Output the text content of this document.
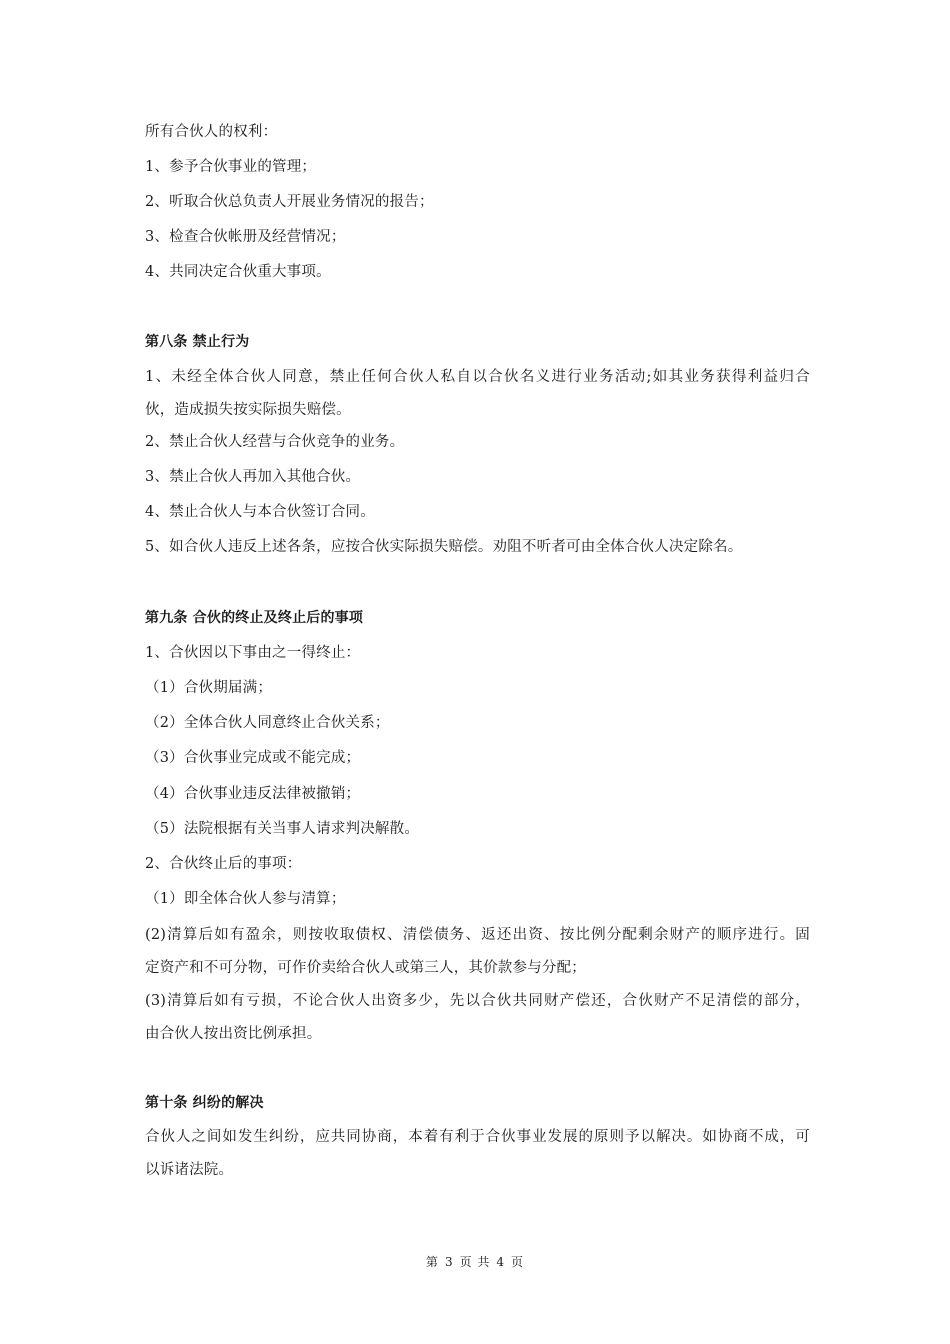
所有合伙人的权利：
1、参予合伙事业的管理；
2、听取合伙总负责人开展业务情况的报告；
3、检查合伙帐册及经营情况；
4、共同决定合伙重大事项。
第八条 禁止行为
1、未经全体合伙人同意，禁止任何合伙人私自以合伙名义进行业务活动;如其业务获得利益归合
伙，造成损失按实际损失赔偿。
2、禁止合伙人经营与合伙竞争的业务。
3、禁止合伙人再加入其他合伙。
4、禁止合伙人与本合伙签订合同。
5、如合伙人违反上述各条，应按合伙实际损失赔偿。劝阻不听者可由全体合伙人决定除名。
第九条 合伙的终止及终止后的事项
1、合伙因以下事由之一得终止：
（1）合伙期届满；
（2）全体合伙人同意终止合伙关系；
（3）合伙事业完成或不能完成；
（4）合伙事业违反法律被撤销；
（5）法院根据有关当事人请求判决解散。
2、合伙终止后的事项：
（1）即全体合伙人参与清算；
(2)清算后如有盈余，则按收取债权、清偿债务、返还出资、按比例分配剩余财产的顺序进行。固
定资产和不可分物，可作价卖给合伙人或第三人，其价款参与分配；
(3)清算后如有亏损，不论合伙人出资多少，先以合伙共同财产偿还，合伙财产不足清偿的部分，
由合伙人按出资比例承担。
第十条 纠纷的解决
合伙人之间如发生纠纷，应共同协商，本着有利于合伙事业发展的原则予以解决。如协商不成，可
以诉诸法院。
第 3 页 共 4 页
